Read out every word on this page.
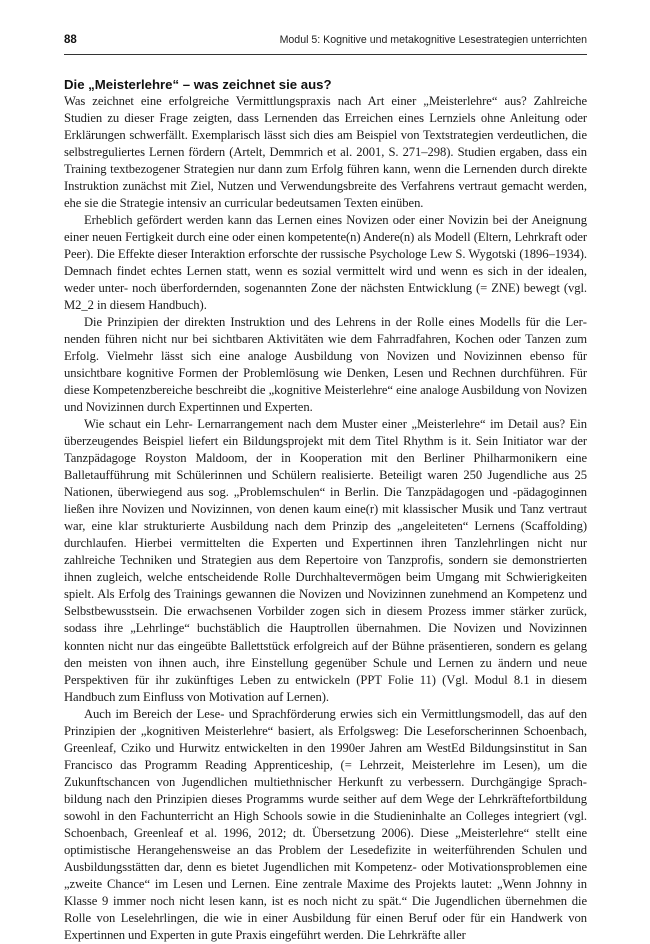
88	Modul 5: Kognitive und metakognitive Lesestrategien unterrichten
Die „Meisterlehre“ – was zeichnet sie aus?

Was zeichnet eine erfolgreiche Vermittlungspraxis nach Art einer „Meisterlehre“ aus? Zahlreiche Studien zu dieser Frage zeigten, dass Lernenden das Erreichen eines Lernziels ohne Anleitung oder Erklärungen schwerfällt. Exemplarisch lässt sich dies am Beispiel von Textstrategien verdeutlichen, die selbstreguliertes Lernen fördern (Artelt, Demmrich et al. 2001, S. 271–298). Studien ergaben, dass ein Training textbezogener Strategien nur dann zum Erfolg führen kann, wenn die Lernenden durch direkte Instruktion zunächst mit Ziel, Nutzen und Verwendungsbreite des Verfahrens vertraut gemacht werden, ehe sie die Strategie intensiv an curricular bedeutsamen Texten einüben.

Erheblich gefördert werden kann das Lernen eines Novizen oder einer Novizin bei der Aneignung einer neuen Fertigkeit durch eine oder einen kompetente(n) Andere(n) als Modell (Eltern, Lehrkraft oder Peer). Die Effekte dieser Interaktion erforschte der russische Psychologe Lew S. Wygotski (1896–1934). Demnach findet echtes Lernen statt, wenn es sozial vermittelt wird und wenn es sich in der idealen, weder unter- noch überfordernden, sogenannten Zone der nächsten Entwicklung (= ZNE) bewegt (vgl. M2_2 in diesem Handbuch).

Die Prinzipien der direkten Instruktion und des Lehrens in der Rolle eines Modells für die Lernenden führen nicht nur bei sichtbaren Aktivitäten wie dem Fahrradfahren, Kochen oder Tanzen zum Erfolg. Vielmehr lässt sich eine analoge Ausbildung von Novizen und Novizinnen ebenso für unsichtbare kognitive Formen der Problemlösung wie Denken, Lesen und Rechnen durchführen. Für diese Kompetenzbereiche beschreibt die „kognitive Meisterlehre“ eine analoge Ausbildung von Novizen und Novizinnen durch Expertinnen und Experten.

Wie schaut ein Lehr- Lernarrangement nach dem Muster einer „Meisterlehre“ im Detail aus? Ein überzeugendes Beispiel liefert ein Bildungsprojekt mit dem Titel Rhythm is it. Sein Initiator war der Tanzpädagoge Royston Maldoom, der in Kooperation mit den Berliner Philharmonikern eine Balletaufführung mit Schülerinnen und Schülern realisierte. Beteiligt waren 250 Jugendliche aus 25 Nationen, überwiegend aus sog. „Problemschulen“ in Berlin. Die Tanzpädagogen und -pädagoginnen ließen ihre Novizen und Novizinnen, von denen kaum eine(r) mit klassischer Musik und Tanz vertraut war, eine klar strukturierte Ausbildung nach dem Prinzip des „angeleiteten“ Lernens (Scaffolding) durchlaufen. Hierbei vermittelten die Experten und Expertinnen ihren Tanzlehrlingen nicht nur zahlreiche Techniken und Strategien aus dem Repertoire von Tanzprofis, sondern sie demonstrierten ihnen zugleich, welche entscheidende Rolle Durchhaltevermögen beim Umgang mit Schwierigkeiten spielt. Als Erfolg des Trainings gewannen die Novizen und Novizinnen zunehmend an Kompetenz und Selbstbewusstsein. Die erwachsenen Vorbilder zogen sich in diesem Prozess immer stärker zurück, sodass ihre „Lehrlinge“ buchstäblich die Hauptrollen übernahmen. Die Novizen und Novizinnen konnten nicht nur das eingeübte Ballettstück erfolgreich auf der Bühne präsentieren, sondern es gelang den meisten von ihnen auch, ihre Einstellung gegenüber Schule und Lernen zu ändern und neue Perspektiven für ihr zukünftiges Leben zu entwickeln (PPT Folie 11) (Vgl. Modul 8.1 in diesem Handbuch zum Einfluss von Motivation auf Lernen).

Auch im Bereich der Lese- und Sprachförderung erwies sich ein Vermittlungsmodell, das auf den Prinzipien der „kognitiven Meisterlehre“ basiert, als Erfolgsweg: Die Leseforscherinnen Schoenbach, Greenleaf, Cziko und Hurwitz entwickelten in den 1990er Jahren am WestEd Bildungsinstitut in San Francisco das Programm Reading Apprenticeship, (= Lehrzeit, Meisterlehre im Lesen), um die Zukunftschancen von Jugendlichen multiethnischer Herkunft zu verbessern. Durchgängige Sprachbildung nach den Prinzipien dieses Programms wurde seither auf dem Wege der Lehrkräftefortbildung sowohl in den Fachunterricht an High Schools sowie in die Studieninhalte an Colleges integriert (vgl. Schoenbach, Greenleaf et al. 1996, 2012; dt. Übersetzung 2006). Diese „Meisterlehre“ stellt eine optimistische Herangehensweise an das Problem der Lesedefizite in weiterführenden Schulen und Ausbildungsstätten dar, denn es bietet Jugendlichen mit Kompetenz- oder Motivationsproblemen eine „zweite Chance“ im Lesen und Lernen. Eine zentrale Maxime des Projekts lautet: „Wenn Johnny in Klasse 9 immer noch nicht lesen kann, ist es noch nicht zu spät.“ Die Jugendlichen übernehmen die Rolle von Leselehrlingen, die wie in einer Ausbildung für einen Beruf oder für ein Handwerk von Expertinnen und Experten in gute Praxis eingeführt werden. Die Lehrkräfte aller
